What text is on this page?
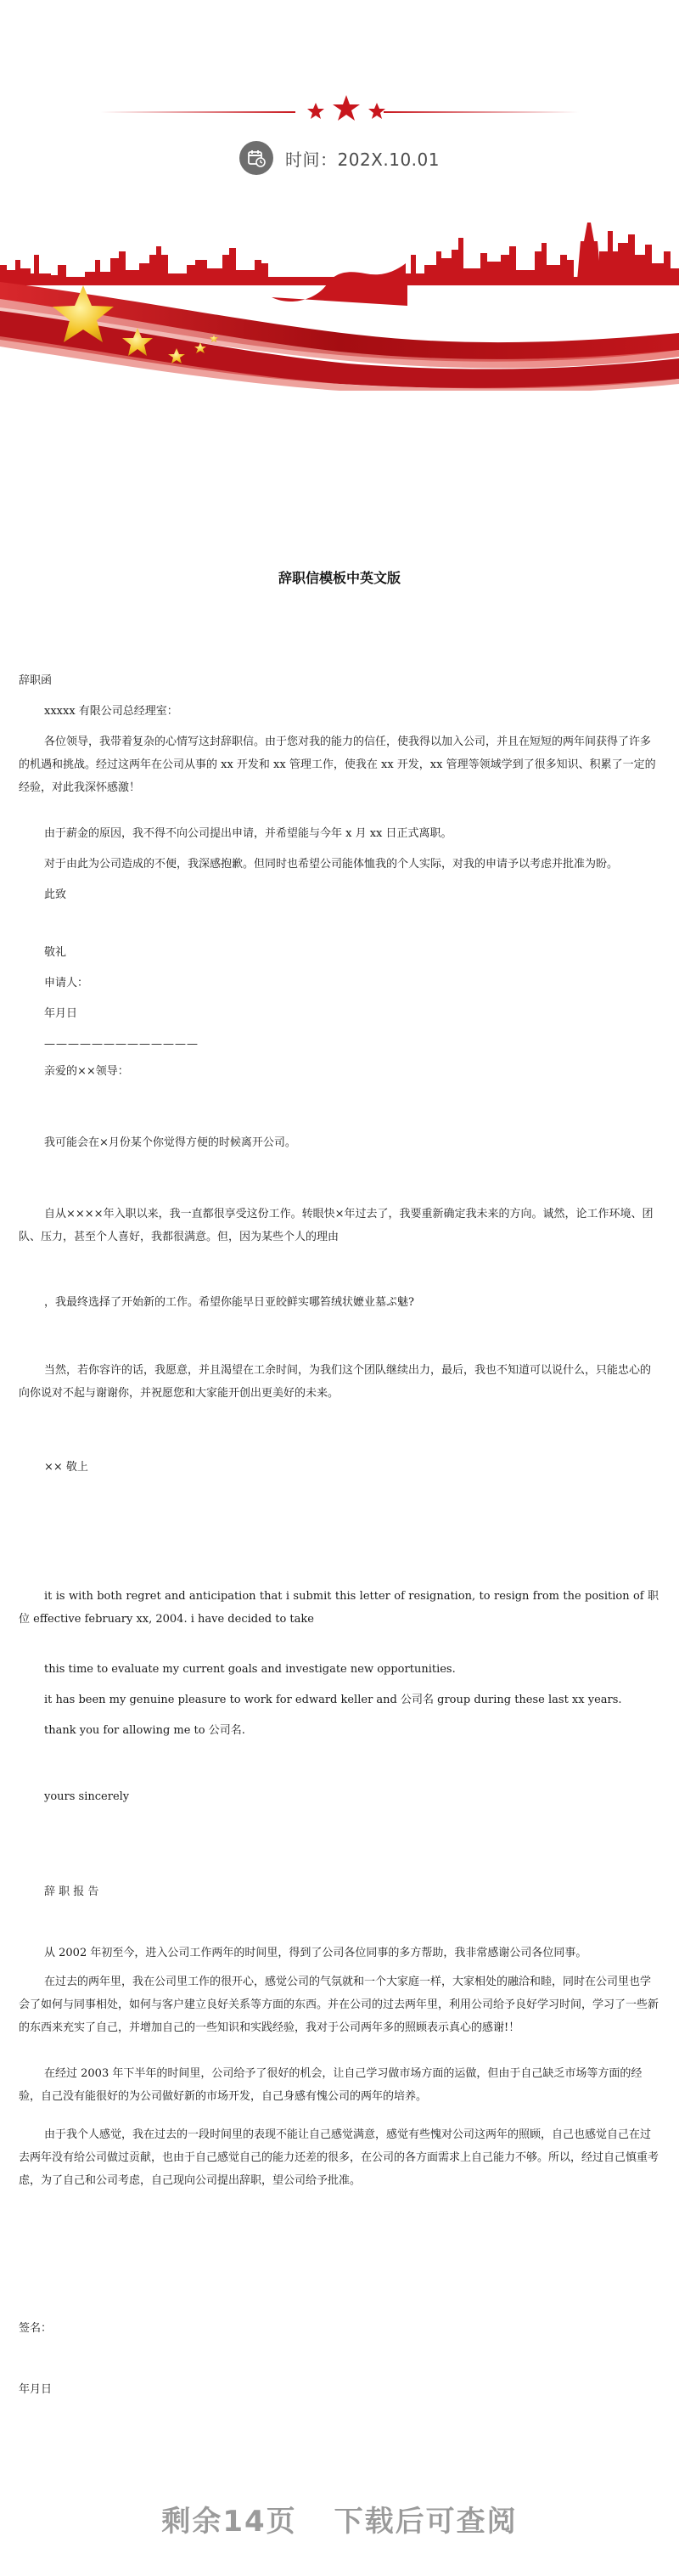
时间：202X.10.01
辞职信模板中英文版

辞职函

xxxxx 有限公司总经理室：

各位领导，我带着复杂的心情写这封辞职信。由于您对我的能力的信任，使我得以加入公司，并且在短短的两年间获得了许多的机遇和挑战。经过这两年在公司从事的 xx 开发和 xx 管理工作，使我在 xx 开发，xx 管理等领域学到了很多知识、积累了一定的经验，对此我深怀感激！

由于薪金的原因，我不得不向公司提出申请，并希望能与今年 x 月 xx 日正式离职。

对于由此为公司造成的不便，我深感抱歉。但同时也希望公司能体恤我的个人实际，对我的申请予以考虑并批准为盼。

此致

敬礼

申请人：

年月日

—————————————

亲爱的××领导：

我可能会在×月份某个你觉得方便的时候离开公司。

自从××××年入职以来，我一直都很享受这份工作。转眼快×年过去了，我要重新确定我未来的方向。诚然，论工作环境、团队、压力，甚至个人喜好，我都很满意。但，因为某些个人的理由

，我最终选择了开始新的工作。希望你能早日亚皎鲜实哪笞绒状嬷业墓ぷ魅?

当然，若你容许的话，我愿意，并且渴望在工余时间，为我们这个团队继续出力，最后，我也不知道可以说什么，只能忠心的向你说对不起与谢谢你，并祝愿您和大家能开创出更美好的未来。

×× 敬上

it is with both regret and anticipation that i submit this letter of resignation, to resign from the position of 职位 effective february xx, 2004. i have decided to take

this time to evaluate my current goals and investigate new opportunities.

it has been my genuine pleasure to work for edward keller and 公司名 group during these last xx years.

thank you for allowing me to 公司名.

yours sincerely

辞 职 报 告

从 2002 年初至今，进入公司工作两年的时间里，得到了公司各位同事的多方帮助，我非常感谢公司各位同事。

在过去的两年里，我在公司里工作的很开心，感觉公司的气氛就和一个大家庭一样，大家相处的融洽和睦，同时在公司里也学会了如何与同事相处，如何与客户建立良好关系等方面的东西。并在公司的过去两年里，利用公司给予良好学习时间，学习了一些新的东西来充实了自己，并增加自己的一些知识和实践经验，我对于公司两年多的照顾表示真心的感谢!！

在经过 2003 年下半年的时间里，公司给予了很好的机会，让自己学习做市场方面的运做，但由于自己缺乏市场等方面的经验，自己没有能很好的为公司做好新的市场开发，自己身感有愧公司的两年的培养。

由于我个人感觉，我在过去的一段时间里的表现不能让自己感觉满意，感觉有些愧对公司这两年的照顾，自己也感觉自己在过去两年没有给公司做过贡献，也由于自己感觉自己的能力还差的很多，在公司的各方面需求上自己能力不够。所以，经过自己慎重考虑，为了自己和公司考虑，自己现向公司提出辞职，望公司给予批准。

签名：

年月日

剩余14页 下载后可查阅
